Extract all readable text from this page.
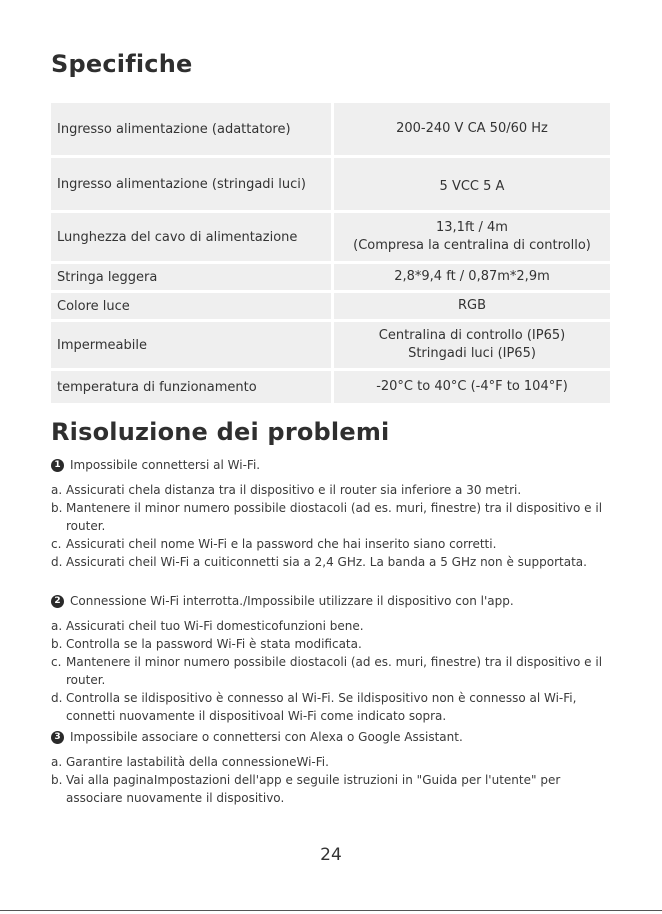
Specifiche
Ingresso alimentazione (adattatore)	200-240 V CA 50/60 Hz
Ingresso alimentazione (stringadi luci)	5 VCC 5 A
Lunghezza del cavo di alimentazione	13,1ft / 4m
(Compresa la centralina di controllo)

Stringa leggera	2,8*9,4 ft / 0,87m*2,9m
Colore luce	RGB
Impermeabile	Centralina di controllo (IP65)
Stringadi luci (IP65)

temperatura di funzionamento	-20°C to 40°C (-4°F to 104°F)
Risoluzione dei problemi
1 Impossibile connettersi al Wi-Fi.
a. Assicurati chela distanza tra il dispositivo e il router sia inferiore a 30 metri.
b. Mantenere il minor numero possibile diostacoli (ad es. muri, finestre) tra il dispositivo e il router.
c. Assicurati cheil nome Wi-Fi e la password che hai inserito siano corretti.
d. Assicurati cheil Wi-Fi a cuiticonnetti sia a 2,4 GHz. La banda a 5 GHz non è supportata.
2 Connessione Wi-Fi interrotta./Impossibile utilizzare il dispositivo con l'app.
a. Assicurati cheil tuo Wi-Fi domesticofunzioni bene.
b. Controlla se la password Wi-Fi è stata modificata.
c. Mantenere il minor numero possibile diostacoli (ad es. muri, finestre) tra il dispositivo e il router.
d. Controlla se ildispositivo è connesso al Wi-Fi. Se ildispositivo non è connesso al Wi-Fi, connetti nuovamente il dispositivoal Wi-Fi come indicato sopra.
3 Impossibile associare o connettersi con Alexa o Google Assistant.
a. Garantire lastabilità della connessioneWi-Fi.
b. Vai alla paginaImpostazioni dell'app e seguile istruzioni in "Guida per l'utente" per associare nuovamente il dispositivo.
24
